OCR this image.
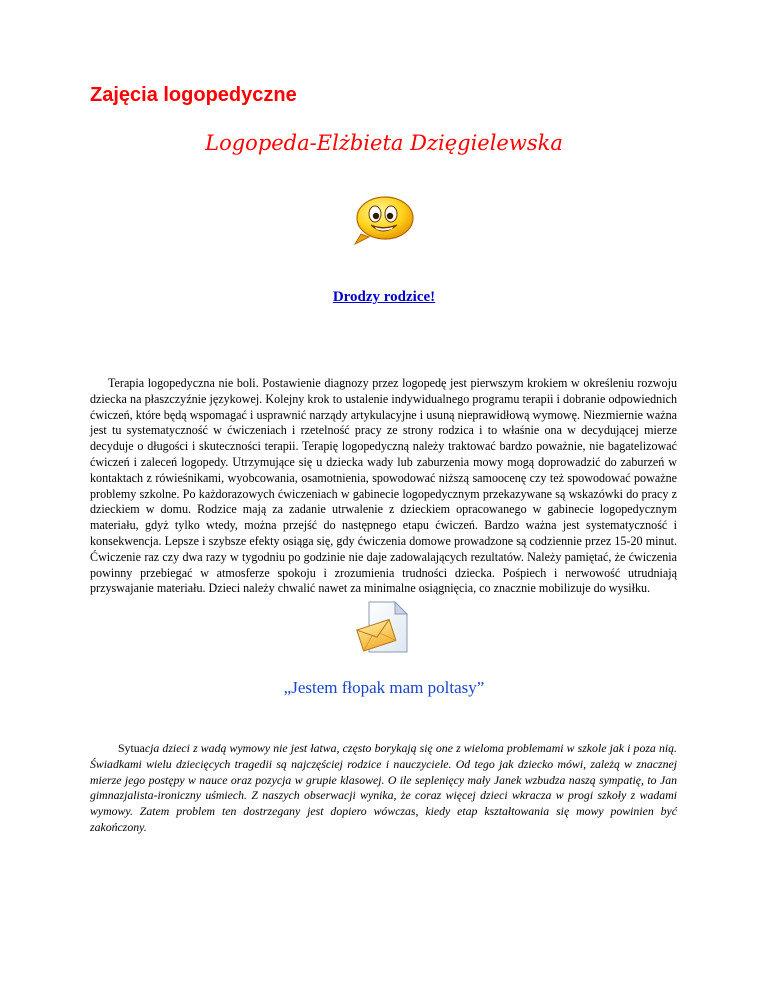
Zajęcia logopedyczne
Logopeda-Elżbieta Dzięgielewska
Drodzy rodzice!

Terapia logopedyczna nie boli. Postawienie diagnozy przez logopedę jest pierwszym krokiem w określeniu rozwoju dziecka na płaszczyźnie językowej. Kolejny krok to ustalenie indywidualnego programu terapii i dobranie odpowiednich ćwiczeń, które będą wspomagać i usprawnić narządy artykulacyjne i usuną nieprawidłową wymowę. Niezmiernie ważna jest tu systematyczność w ćwiczeniach i rzetelność pracy ze strony rodzica i to właśnie ona w decydującej mierze decyduje o długości i skuteczności terapii. Terapię logopedyczną należy traktować bardzo poważnie, nie bagatelizować ćwiczeń i zaleceń logopedy. Utrzymujące się u dziecka wady lub zaburzenia mowy mogą doprowadzić do zaburzeń w kontaktach z rówieśnikami, wyobcowania, osamotnienia, spowodować niższą samoocenę czy też spowodować poważne problemy szkolne. Po każdorazowych ćwiczeniach w gabinecie logopedycznym przekazywane są wskazówki do pracy z dzieckiem w domu. Rodzice mają za zadanie utrwalenie z dzieckiem opracowanego w gabinecie logopedycznym materiału, gdyż tylko wtedy, można przejść do następnego etapu ćwiczeń. Bardzo ważna jest systematyczność i konsekwencja. Lepsze i szybsze efekty osiąga się, gdy ćwiczenia domowe prowadzone są codziennie przez 15-20 minut. Ćwiczenie raz czy dwa razy w tygodniu po godzinie nie daje zadowalających rezultatów. Należy pamiętać, że ćwiczenia powinny przebiegać w atmosferze spokoju i zrozumienia trudności dziecka. Pośpiech i nerwowość utrudniają przyswajanie materiału. Dzieci należy chwalić nawet za minimalne osiągnięcia, co znacznie mobilizuje do wysiłku.

„Jestem fłopak mam poltasy”

Sytuacja dzieci z wadą wymowy nie jest łatwa, często borykają się one z wieloma problemami w szkole jak i poza nią. Świadkami wielu dziecięcych tragedii są najczęściej rodzice i nauczyciele. Od tego jak dziecko mówi, zależą w znacznej mierze jego postępy w nauce oraz pozycja w grupie klasowej. O ile seplenięcy mały Janek wzbudza naszą sympatię, to Jan gimnazjalista-ironiczny uśmiech. Z naszych obserwacji wynika, że coraz więcej dzieci wkracza w progi szkoły z wadami wymowy. Zatem problem ten dostrzegany jest dopiero wówczas, kiedy etap kształtowania się mowy powinien być zakończony.
